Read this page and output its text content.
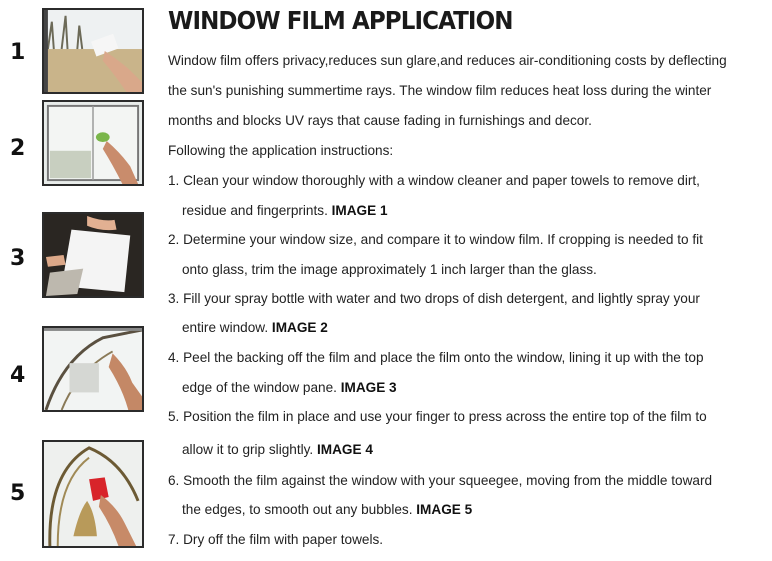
1
2
3
4
5
WINDOW FILM APPLICATION
Window film offers privacy,reduces sun glare,and reduces air-conditioning costs by deflecting
the sun's punishing summertime rays. The window film reduces heat loss during the winter
months and blocks UV rays that cause fading in furnishings and decor.
Following the application instructions:
1. Clean your window thoroughly with a window cleaner and paper towels to remove dirt,
residue and fingerprints. IMAGE 1
2. Determine your window size, and compare it to window film. If cropping is needed to fit
onto glass, trim the image approximately 1 inch larger than the glass.
3. Fill your spray bottle with water and two drops of dish detergent, and lightly spray your
entire window. IMAGE 2
4. Peel the backing off the film and place the film onto the window, lining it up with the top
edge of the window pane. IMAGE 3
5. Position the film in place and use your finger to press across the entire top of the film to
allow it to grip slightly. IMAGE 4
6. Smooth the film against the window with your squeegee, moving from the middle toward
the edges, to smooth out any bubbles. IMAGE 5
7. Dry off the film with paper towels.
